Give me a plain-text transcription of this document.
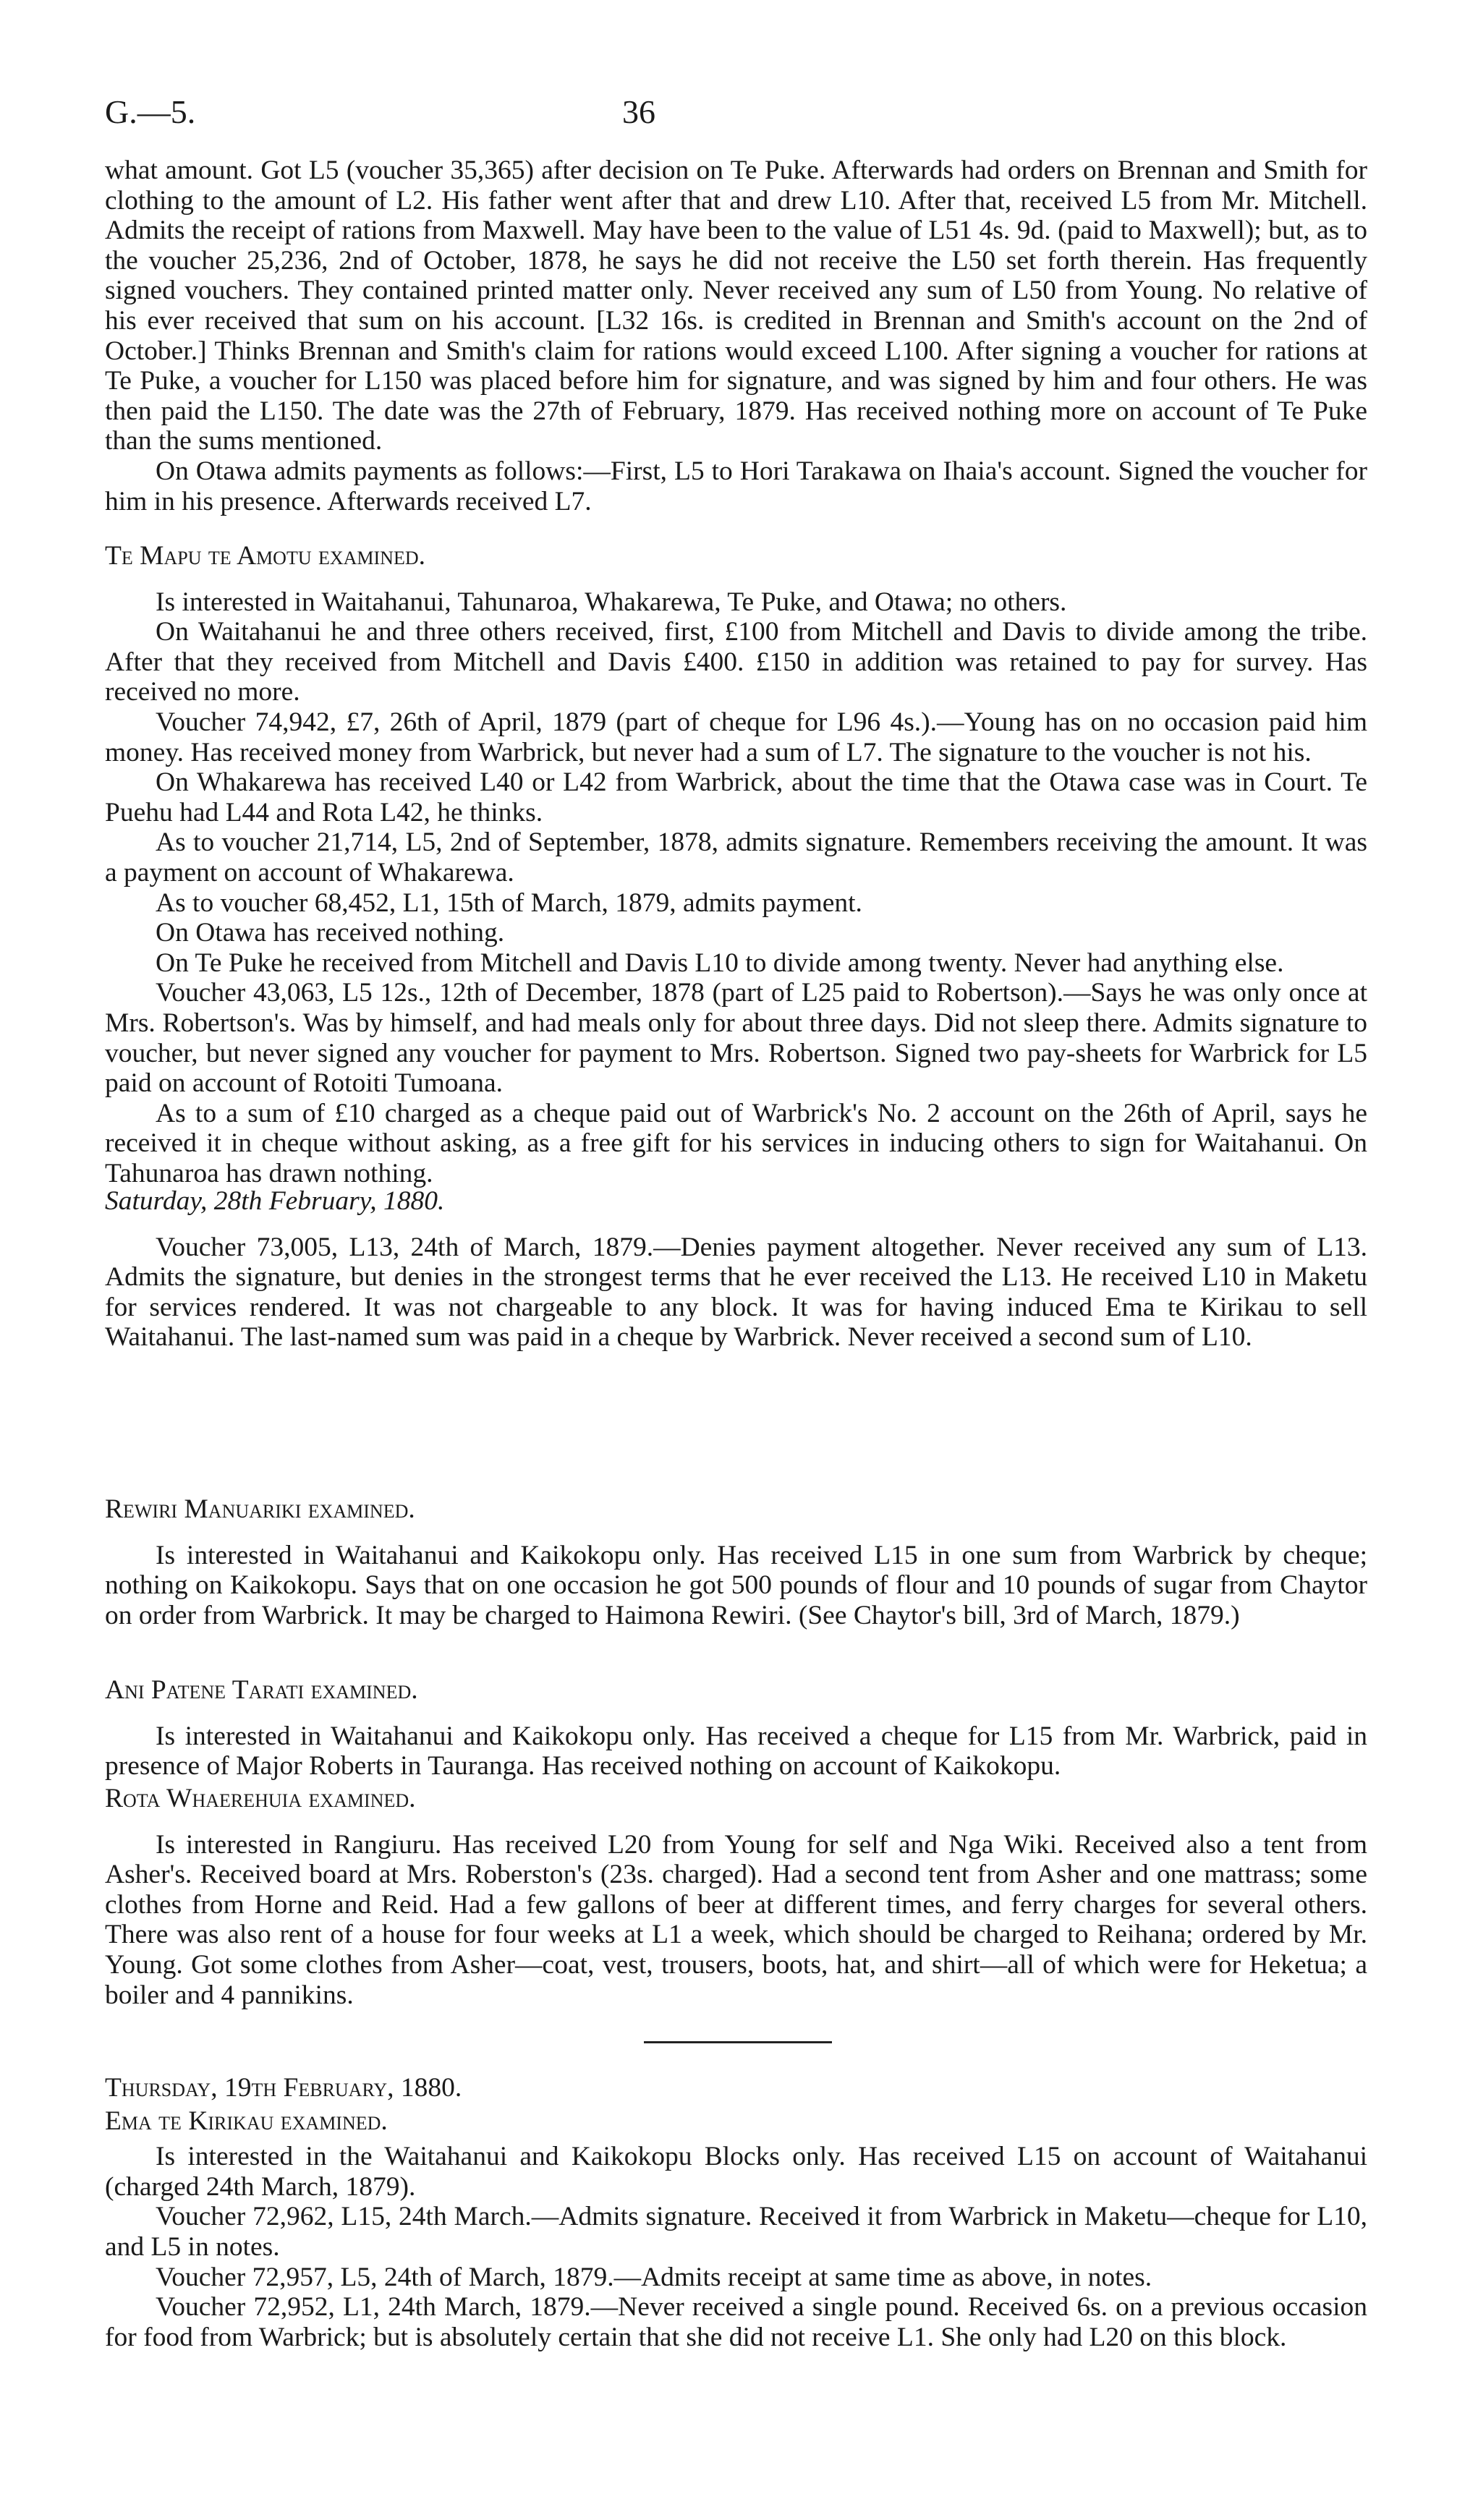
G.—5.	36

what amount. Got L5 (voucher 35,365) after decision on Te Puke. Afterwards had orders on Brennan and Smith for clothing to the amount of L2. His father went after that and drew L10. After that, received L5 from Mr. Mitchell. Admits the receipt of rations from Maxwell. May have been to the value of L51 4s. 9d. (paid to Maxwell); but, as to the voucher 25,236, 2nd of October, 1878, he says he did not receive the L50 set forth therein. Has frequently signed vouchers. They contained printed matter only. Never received any sum of L50 from Young. No relative of his ever received that sum on his account. [L32 16s. is credited in Brennan and Smith's account on the 2nd of October.] Thinks Brennan and Smith's claim for rations would exceed L100. After signing a voucher for rations at Te Puke, a voucher for L150 was placed before him for signature, and was signed by him and four others. He was then paid the L150. The date was the 27th of February, 1879. Has received nothing more on account of Te Puke than the sums mentioned.

On Otawa admits payments as follows:—First, L5 to Hori Tarakawa on Ihaia's account. Signed the voucher for him in his presence. Afterwards received L7.

Te Mapu te Amotu examined.

Is interested in Waitahanui, Tahunaroa, Whakarewa, Te Puke, and Otawa; no others.

On Waitahanui he and three others received, first, £100 from Mitchell and Davis to divide among the tribe. After that they received from Mitchell and Davis £400. £150 in addition was retained to pay for survey. Has received no more.

Voucher 74,942, £7, 26th of April, 1879 (part of cheque for L96 4s.).—Young has on no occasion paid him money. Has received money from Warbrick, but never had a sum of L7. The signature to the voucher is not his.

On Whakarewa has received L40 or L42 from Warbrick, about the time that the Otawa case was in Court. Te Puehu had L44 and Rota L42, he thinks.

As to voucher 21,714, L5, 2nd of September, 1878, admits signature. Remembers receiving the amount. It was a payment on account of Whakarewa.

As to voucher 68,452, L1, 15th of March, 1879, admits payment.

On Otawa has received nothing.

On Te Puke he received from Mitchell and Davis L10 to divide among twenty. Never had anything else.

Voucher 43,063, L5 12s., 12th of December, 1878 (part of L25 paid to Robertson).—Says he was only once at Mrs. Robertson's. Was by himself, and had meals only for about three days. Did not sleep there. Admits signature to voucher, but never signed any voucher for payment to Mrs. Robertson. Signed two pay-sheets for Warbrick for L5 paid on account of Rotoiti Tumoana.

As to a sum of £10 charged as a cheque paid out of Warbrick's No. 2 account on the 26th of April, says he received it in cheque without asking, as a free gift for his services in inducing others to sign for Waitahanui. On Tahunaroa has drawn nothing.

Saturday, 28th February, 1880.

Voucher 73,005, L13, 24th of March, 1879.—Denies payment altogether. Never received any sum of L13. Admits the signature, but denies in the strongest terms that he ever received the L13. He received L10 in Maketu for services rendered. It was not chargeable to any block. It was for having induced Ema te Kirikau to sell Waitahanui. The last-named sum was paid in a cheque by Warbrick. Never received a second sum of L10.

Rewiri Manuariki examined.

Is interested in Waitahanui and Kaikokopu only. Has received L15 in one sum from Warbrick by cheque; nothing on Kaikokopu. Says that on one occasion he got 500 pounds of flour and 10 pounds of sugar from Chaytor on order from Warbrick. It may be charged to Haimona Rewiri. (See Chaytor's bill, 3rd of March, 1879.)

Ani Patene Tarati examined.

Is interested in Waitahanui and Kaikokopu only. Has received a cheque for L15 from Mr. Warbrick, paid in presence of Major Roberts in Tauranga. Has received nothing on account of Kaikokopu.

Rota Whaerehuia examined.

Is interested in Rangiuru. Has received L20 from Young for self and Nga Wiki. Received also a tent from Asher's. Received board at Mrs. Roberston's (23s. charged). Had a second tent from Asher and one mattrass; some clothes from Horne and Reid. Had a few gallons of beer at different times, and ferry charges for several others. There was also rent of a house for four weeks at L1 a week, which should be charged to Reihana; ordered by Mr. Young. Got some clothes from Asher—coat, vest, trousers, boots, hat, and shirt—all of which were for Heketua; a boiler and 4 pannikins.

Thursday, 19th February, 1880.

Ema te Kirikau examined.

Is interested in the Waitahanui and Kaikokopu Blocks only. Has received L15 on account of Waitahanui (charged 24th March, 1879).

Voucher 72,962, L15, 24th March.—Admits signature. Received it from Warbrick in Maketu—cheque for L10, and L5 in notes.

Voucher 72,957, L5, 24th of March, 1879.—Admits receipt at same time as above, in notes.

Voucher 72,952, L1, 24th March, 1879.—Never received a single pound. Received 6s. on a previous occasion for food from Warbrick; but is absolutely certain that she did not receive L1. She only had L20 on this block.
